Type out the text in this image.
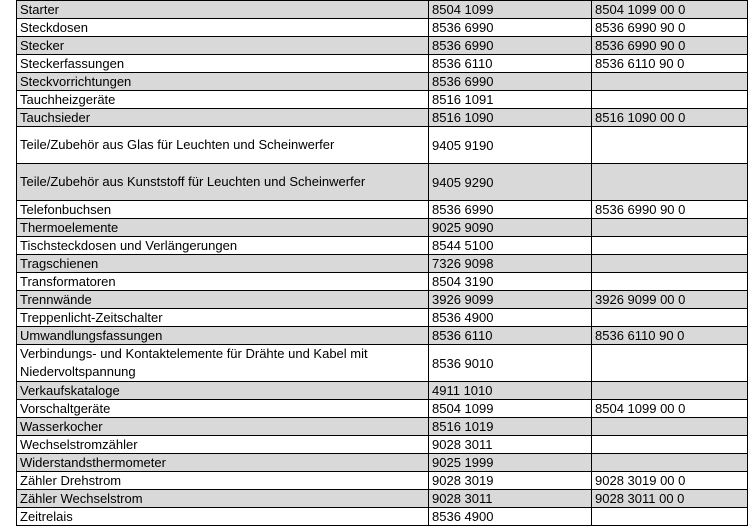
Starter	8504 1099	8504 1099 00 0
Steckdosen	8536 6990	8536 6990 90 0
Stecker	8536 6990	8536 6990 90 0
Steckerfassungen	8536 6110	8536 6110 90 0
Steckvorrichtungen	8536 6990	
Tauchheizgeräte	8516 1091	
Tauchsieder	8516 1090	8516 1090 00 0
Teile/Zubehör aus Glas für Leuchten und Scheinwerfer	9405 9190	
Teile/Zubehör aus Kunststoff für Leuchten und Scheinwerfer	9405 9290	
Telefonbuchsen	8536 6990	8536 6990 90 0
Thermoelemente	9025 9090	
Tischsteckdosen und Verlängerungen	8544 5100	
Tragschienen	7326 9098	
Transformatoren	8504 3190	
Trennwände	3926 9099	3926 9099 00 0
Treppenlicht-Zeitschalter	8536 4900	
Umwandlungsfassungen	8536 6110	8536 6110 90 0
Verbindungs- und Kontaktelemente für Drähte und Kabel mit Niedervoltspannung	8536 9010	
Verkaufskataloge	4911 1010	
Vorschaltgeräte	8504 1099	8504 1099 00 0
Wasserkocher	8516 1019	
Wechselstromzähler	9028 3011	
Widerstandsthermometer	9025 1999	
Zähler Drehstrom	9028 3019	9028 3019 00 0
Zähler Wechselstrom	9028 3011	9028 3011 00 0
Zeitrelais	8536 4900	
